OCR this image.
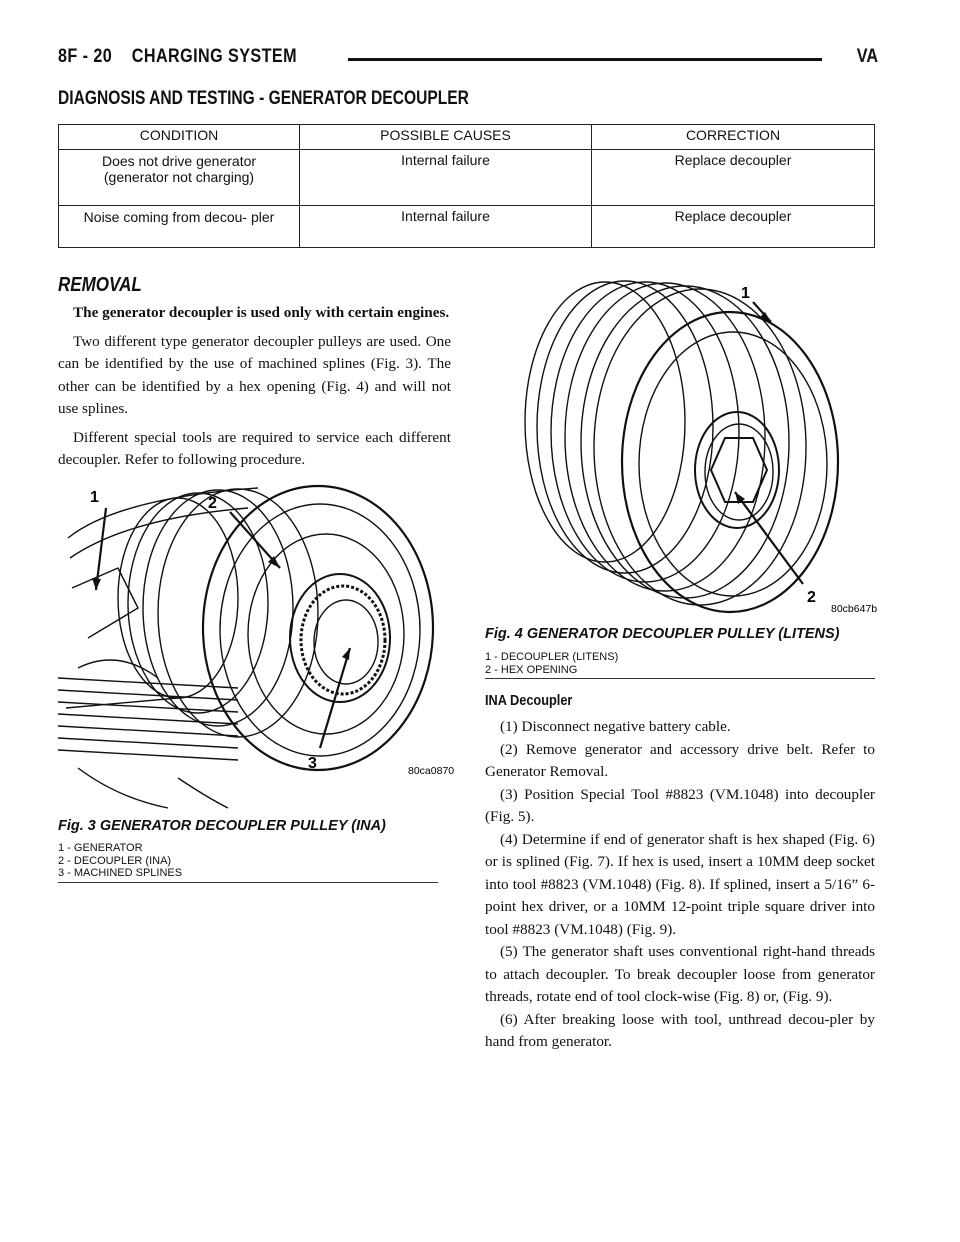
8F - 20    CHARGING SYSTEM	VA
DIAGNOSIS AND TESTING - GENERATOR DECOUPLER
CONDITION	POSSIBLE CAUSES	CORRECTION
Does not drive generator (generator not charging)	Internal failure	Replace decoupler
Noise coming from decou- pler	Internal failure	Replace decoupler
REMOVAL

The generator decoupler is used only with certain engines.

Two different type generator decoupler pulleys are used. One can be identified by the use of machined splines (Fig. 3). The other can be identified by a hex opening (Fig. 4) and will not use splines.

Different special tools are required to service each different decoupler. Refer to following procedure.

1	2
3	80ca0870
Fig. 3 GENERATOR DECOUPLER PULLEY (INA)
1 - GENERATOR
2 - DECOUPLER (INA)
3 - MACHINED SPLINES
1
2
80cb647b
Fig. 4 GENERATOR DECOUPLER PULLEY (LITENS)
1 - DECOUPLER (LITENS)
2 - HEX OPENING
INA Decoupler

(1) Disconnect negative battery cable.

(2) Remove generator and accessory drive belt. Refer to Generator Removal.

(3) Position Special Tool #8823 (VM.1048) into decoupler (Fig. 5).

(4) Determine if end of generator shaft is hex shaped (Fig. 6) or is splined (Fig. 7). If hex is used, insert a 10MM deep socket into tool #8823 (VM.1048) (Fig. 8). If splined, insert a 5/16” 6-point hex driver, or a 10MM 12-point triple square driver into tool #8823 (VM.1048) (Fig. 9).

(5) The generator shaft uses conventional right-hand threads to attach decoupler. To break decoupler loose from generator threads, rotate end of tool clock-wise (Fig. 8) or, (Fig. 9).

(6) After breaking loose with tool, unthread decou-pler by hand from generator.
